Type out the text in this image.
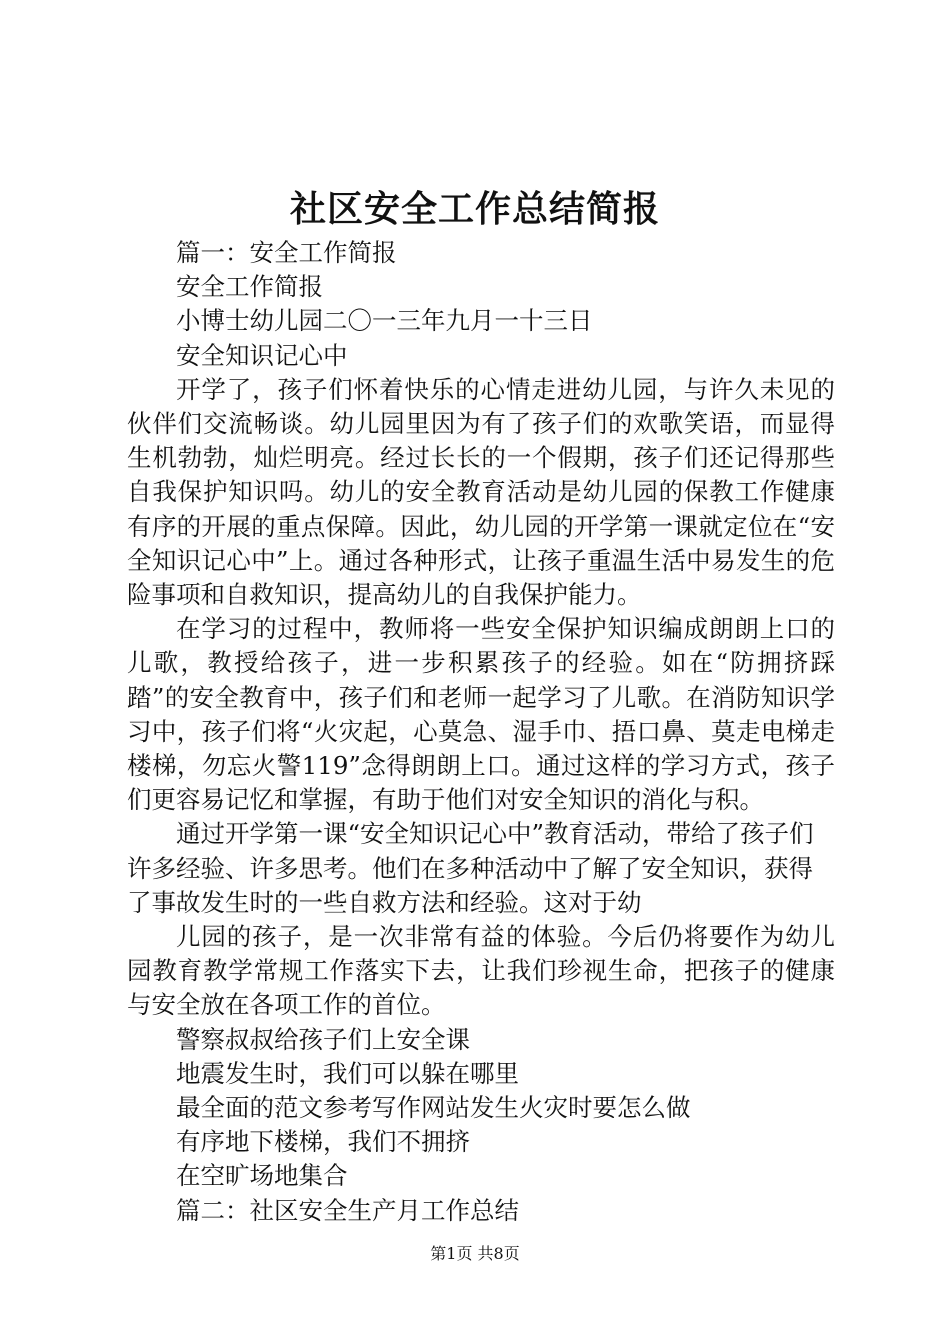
社区安全工作总结简报

篇一：安全工作简报

安全工作简报

小博士幼儿园二〇一三年九月一十三日

安全知识记心中

开学了，孩子们怀着快乐的心情走进幼儿园，与许久未见的伙伴们交流畅谈。幼儿园里因为有了孩子们的欢歌笑语，而显得生机勃勃，灿烂明亮。经过长长的一个假期，孩子们还记得那些自我保护知识吗。幼儿的安全教育活动是幼儿园的保教工作健康有序的开展的重点保障。因此，幼儿园的开学第一课就定位在“安全知识记心中”上。通过各种形式，让孩子重温生活中易发生的危险事项和自救知识，提高幼儿的自我保护能力。

在学习的过程中，教师将一些安全保护知识编成朗朗上口的儿歌，教授给孩子，进一步积累孩子的经验。如在“防拥挤踩踏”的安全教育中，孩子们和老师一起学习了儿歌。在消防知识学习中，孩子们将“火灾起，心莫急、湿手巾、捂口鼻、莫走电梯走楼梯，勿忘火警119”念得朗朗上口。通过这样的学习方式，孩子们更容易记忆和掌握，有助于他们对安全知识的消化与积。

通过开学第一课“安全知识记心中”教育活动，带给了孩子们许多经验、许多思考。他们在多种活动中了解了安全知识，获得了事故发生时的一些自救方法和经验。这对于幼

儿园的孩子，是一次非常有益的体验。今后仍将要作为幼儿园教育教学常规工作落实下去，让我们珍视生命，把孩子的健康与安全放在各项工作的首位。

警察叔叔给孩子们上安全课

地震发生时，我们可以躲在哪里

最全面的范文参考写作网站发生火灾时要怎么做

有序地下楼梯，我们不拥挤

在空旷场地集合

篇二：社区安全生产月工作总结

第1页 共8页
